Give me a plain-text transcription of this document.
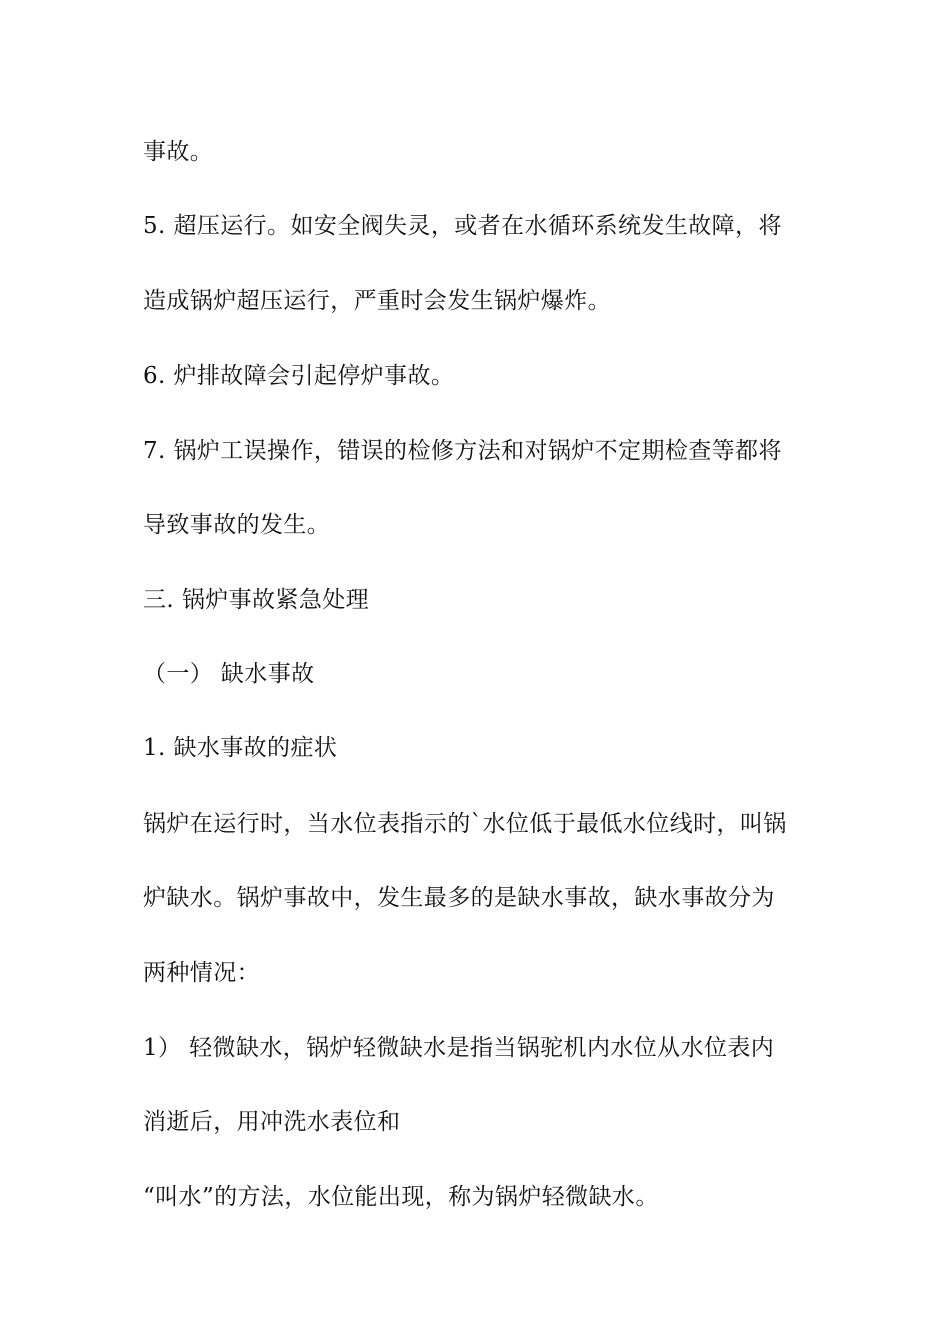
事故。
5. 超压运行。如安全阀失灵，或者在水循环系统发生故障，将
造成锅炉超压运行，严重时会发生锅炉爆炸。
6. 炉排故障会引起停炉事故。
7. 锅炉工误操作，错误的检修方法和对锅炉不定期检查等都将
导致事故的发生。
三. 锅炉事故紧急处理
（一） 缺水事故
1. 缺水事故的症状
锅炉在运行时，当水位表指示的`水位低于最低水位线时，叫锅
炉缺水。锅炉事故中，发生最多的是缺水事故，缺水事故分为
两种情况：
1） 轻微缺水，锅炉轻微缺水是指当锅驼机内水位从水位表内
消逝后，用冲洗水表位和
“叫水”的方法，水位能出现，称为锅炉轻微缺水。
